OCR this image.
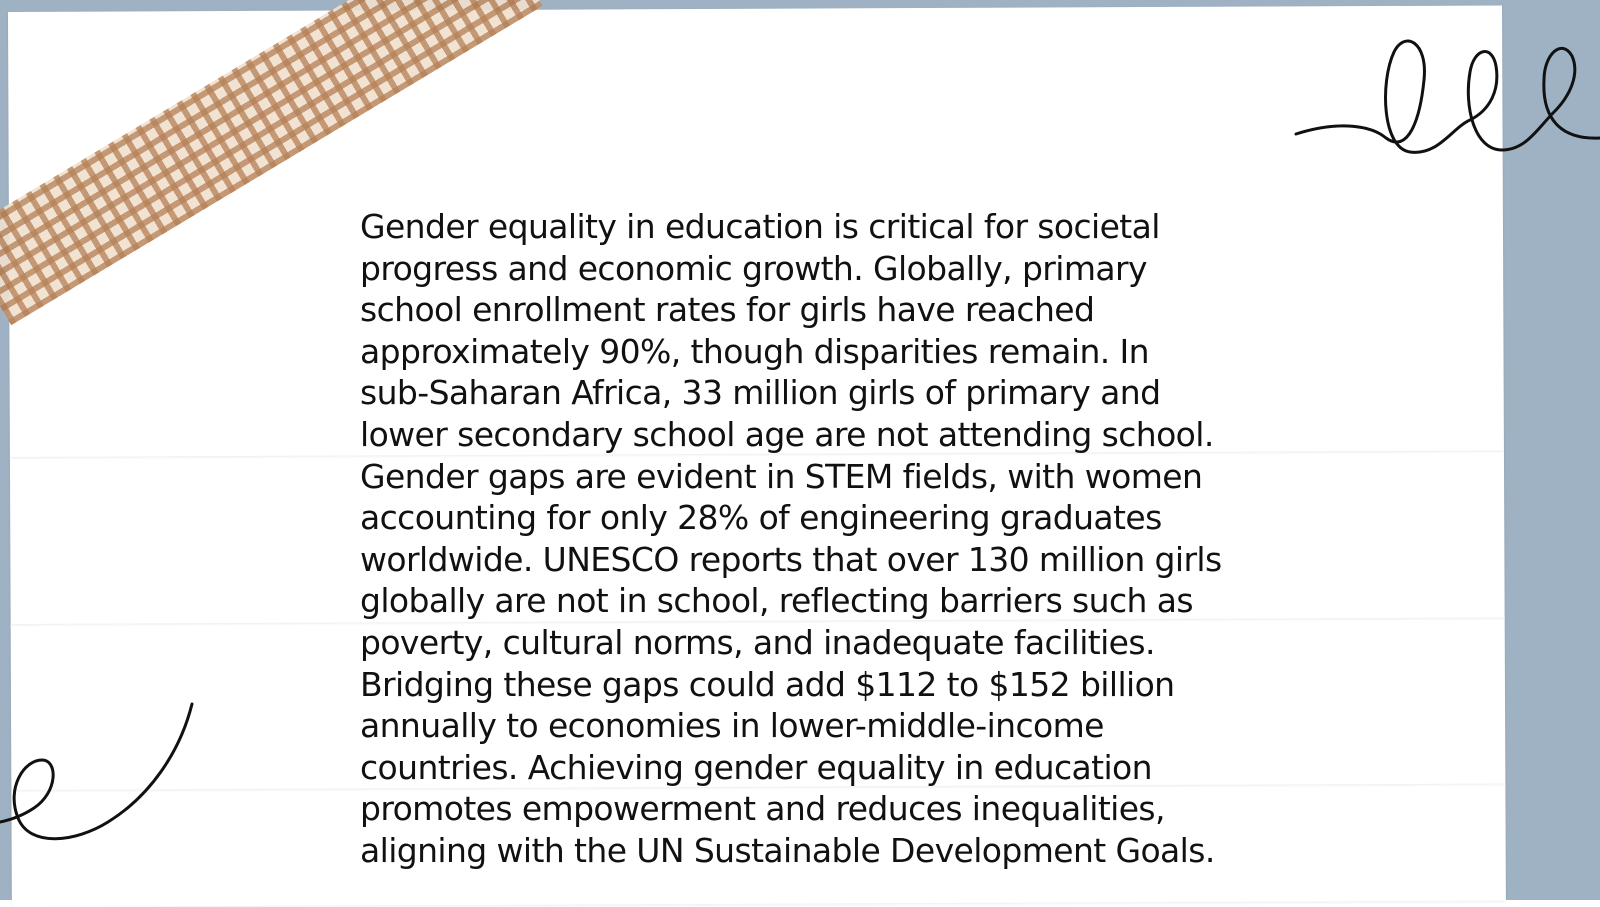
Gender equality in education is critical for societal
progress and economic growth. Globally, primary
school enrollment rates for girls have reached
approximately 90%, though disparities remain. In
sub-Saharan Africa, 33 million girls of primary and
lower secondary school age are not attending school.
Gender gaps are evident in STEM fields, with women
accounting for only 28% of engineering graduates
worldwide. UNESCO reports that over 130 million girls
globally are not in school, reflecting barriers such as
poverty, cultural norms, and inadequate facilities.
Bridging these gaps could add $112 to $152 billion
annually to economies in lower-middle-income
countries. Achieving gender equality in education
promotes empowerment and reduces inequalities,
aligning with the UN Sustainable Development Goals.
